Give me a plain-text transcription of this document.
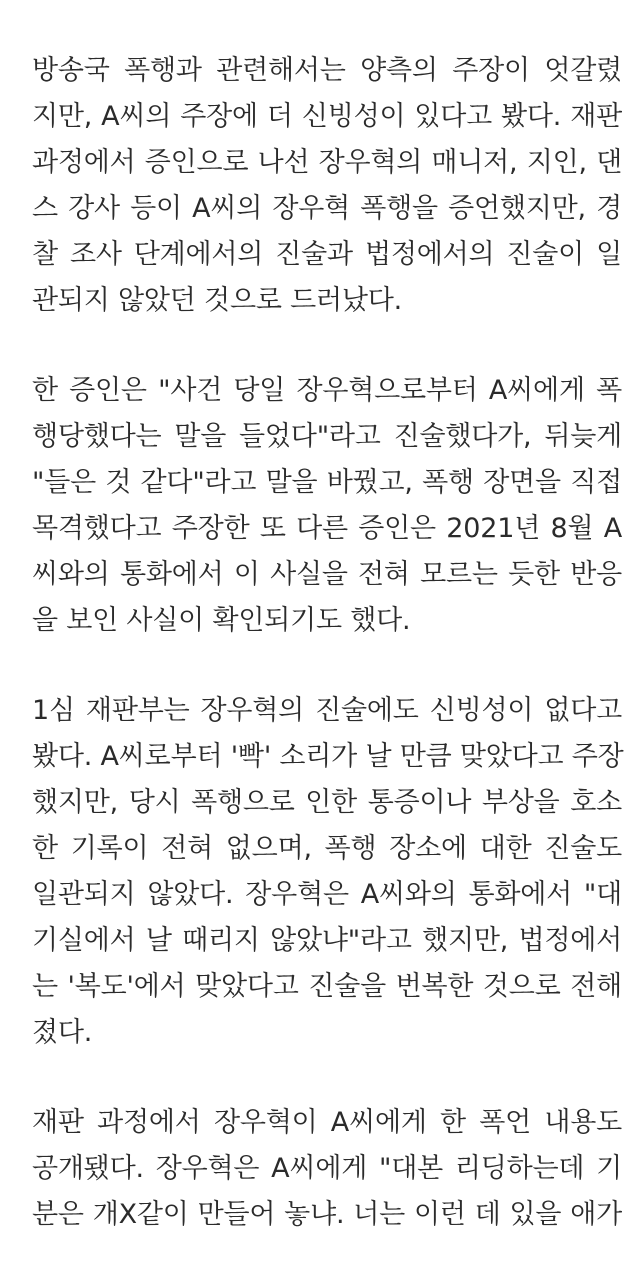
방송국 폭행과 관련해서는 양측의 주장이 엇갈렸
지만, A씨의 주장에 더 신빙성이 있다고 봤다. 재판
과정에서 증인으로 나선 장우혁의 매니저, 지인, 댄
스 강사 등이 A씨의 장우혁 폭행을 증언했지만, 경
찰 조사 단계에서의 진술과 법정에서의 진술이 일
관되지 않았던 것으로 드러났다.
한 증인은 "사건 당일 장우혁으로부터 A씨에게 폭
행당했다는 말을 들었다"라고 진술했다가, 뒤늦게
"들은 것 같다"라고 말을 바꿨고, 폭행 장면을 직접
목격했다고 주장한 또 다른 증인은 2021년 8월 A
씨와의 통화에서 이 사실을 전혀 모르는 듯한 반응
을 보인 사실이 확인되기도 했다.
1심 재판부는 장우혁의 진술에도 신빙성이 없다고
봤다. A씨로부터 '빡' 소리가 날 만큼 맞았다고 주장
했지만, 당시 폭행으로 인한 통증이나 부상을 호소
한 기록이 전혀 없으며, 폭행 장소에 대한 진술도
일관되지 않았다. 장우혁은 A씨와의 통화에서 "대
기실에서 날 때리지 않았냐"라고 했지만, 법정에서
는 '복도'에서 맞았다고 진술을 번복한 것으로 전해
졌다.
재판 과정에서 장우혁이 A씨에게 한 폭언 내용도
공개됐다. 장우혁은 A씨에게 "대본 리딩하는데 기
분은 개X같이 만들어 놓냐. 너는 이런 데 있을 애가
